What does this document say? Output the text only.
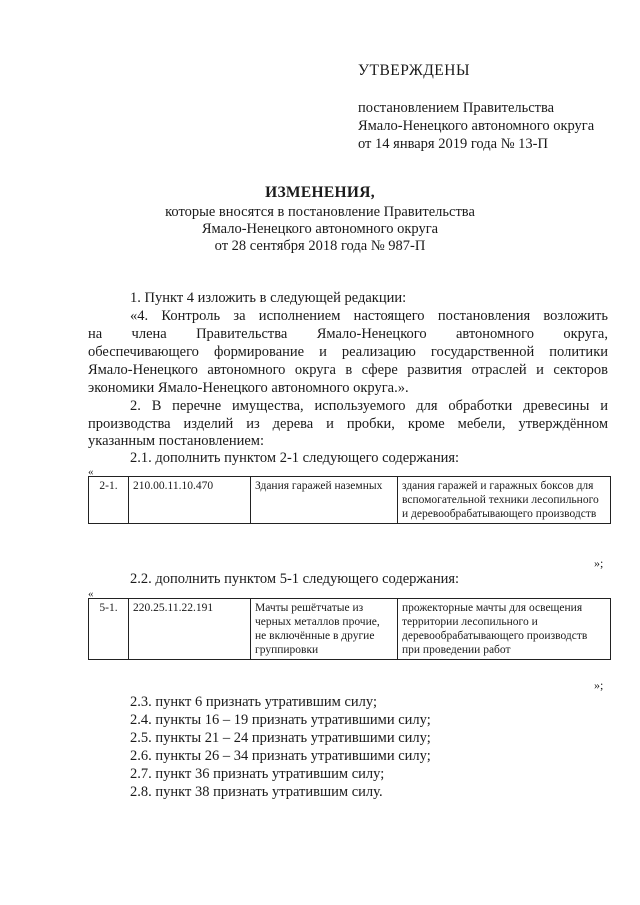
УТВЕРЖДЕНЫ
постановлением Правительства
Ямало-Ненецкого автономного округа
от 14 января 2019 года № 13-П
ИЗМЕНЕНИЯ,
которые вносятся в постановление Правительства
Ямало-Ненецкого автономного округа
от 28 сентября 2018 года № 987-П
1. Пункт 4 изложить в следующей редакции:
«4. Контроль за исполнением настоящего постановления возложить
на члена Правительства Ямало-Ненецкого автономного округа,
обеспечивающего формирование и реализацию государственной политики
Ямало-Ненецкого автономного округа в сфере развития отраслей и секторов
экономики Ямало-Ненецкого автономного округа.».
2. В перечне имущества, используемого для обработки древесины и
производства изделий из дерева и пробки, кроме мебели, утверждённом
указанным постановлением:
2.1. дополнить пунктом 2-1 следующего содержания:
«
2-1.	210.00.11.10.470	Здания гаражей наземных	здания гаражей и гаражных боксов для вспомогательной техники лесопильного и деревообрабатывающего производств
»;
2.2. дополнить пунктом 5-1 следующего содержания:
«
5-1.	220.25.11.22.191	Мачты решётчатые из черных металлов прочие, не включённые в другие группировки	прожекторные мачты для освещения территории лесопильного и деревообрабатывающего производств при проведении работ
»;
2.3. пункт 6 признать утратившим силу;
2.4. пункты 16 – 19 признать утратившими силу;
2.5. пункты 21 – 24 признать утратившими силу;
2.6. пункты 26 – 34 признать утратившими силу;
2.7. пункт 36 признать утратившим силу;
2.8. пункт 38 признать утратившим силу.
